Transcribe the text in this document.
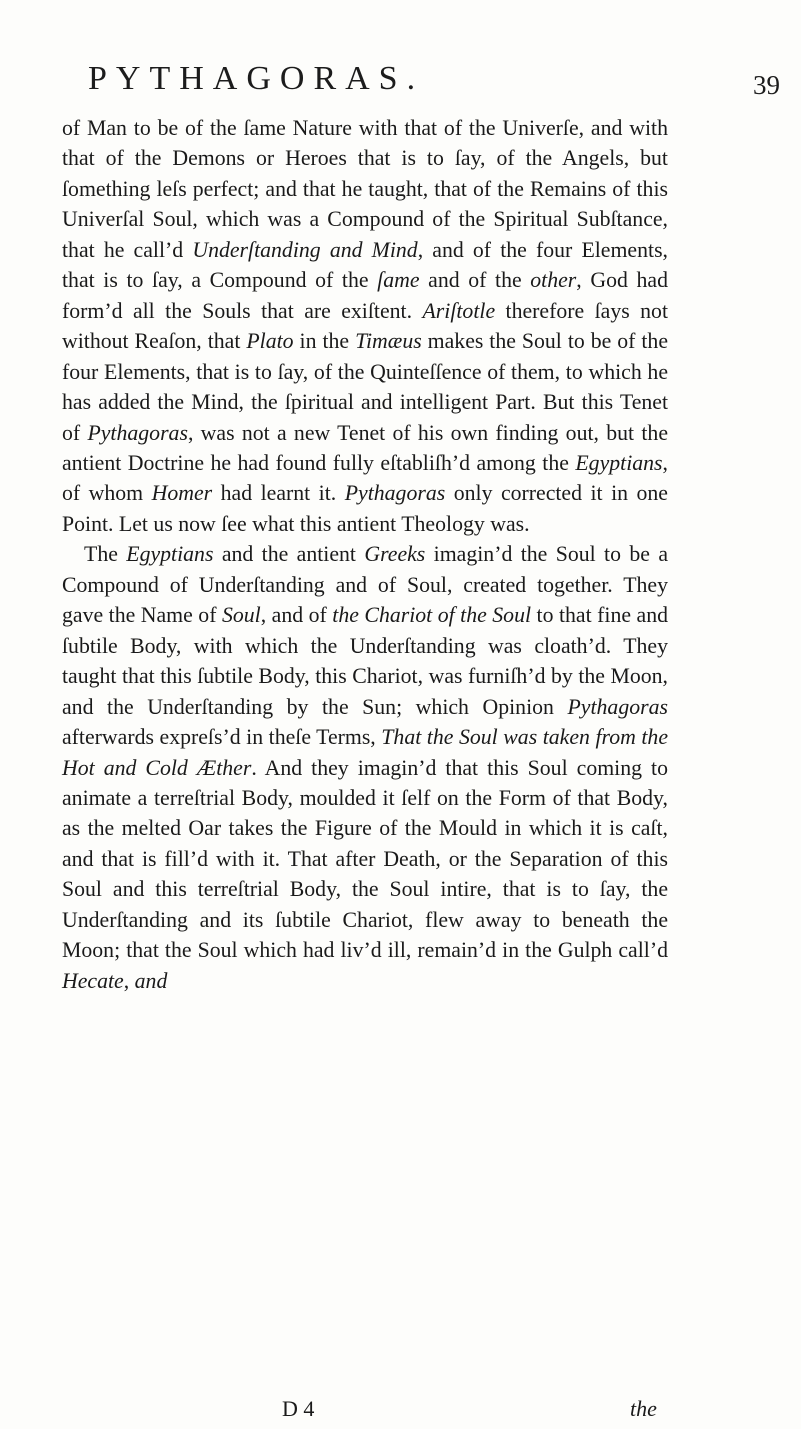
PYTHAGORAS.	39

of Man to be of the ſame Nature with that of the Univerſe, and with that of the Demons or Heroes that is to ſay, of the Angels, but ſomething leſs perfect; and that he taught, that of the Remains of this Univerſal Soul, which was a Compound of the Spiritual Subſtance, that he call’d Underſtanding and Mind, and of the four Elements, that is to ſay, a Compound of the ſame and of the other, God had form’d all the Souls that are exiſtent. Ariſtotle therefore ſays not without Reaſon, that Plato in the Timæus makes the Soul to be of the four Elements, that is to ſay, of the Quinteſſence of them, to which he has added the Mind, the ſpiritual and intelligent Part. But this Tenet of Pythagoras, was not a new Tenet of his own finding out, but the antient Doctrine he had found fully eſtabliſh’d among the Egyptians, of whom Homer had learnt it. Pythagoras only corrected it in one Point. Let us now ſee what this antient Theology was.

The Egyptians and the antient Greeks imagin’d the Soul to be a Compound of Underſtanding and of Soul, created together. They gave the Name of Soul, and of the Chariot of the Soul to that fine and ſubtile Body, with which the Underſtanding was cloath’d. They taught that this ſubtile Body, this Chariot, was furniſh’d by the Moon, and the Underſtanding by the Sun; which Opinion Pythagoras afterwards expreſs’d in theſe Terms, That the Soul was taken from the Hot and Cold Æther. And they imagin’d that this Soul coming to animate a terreſtrial Body, moulded it ſelf on the Form of that Body, as the melted Oar takes the Figure of the Mould in which it is caſt, and that is fill’d with it. That after Death, or the Separation of this Soul and this terreſtrial Body, the Soul intire, that is to ſay, the Underſtanding and its ſubtile Chariot, flew away to beneath the Moon; that the Soul which had liv’d ill, remain’d in the Gulph call’d Hecate, and

D 4	the
